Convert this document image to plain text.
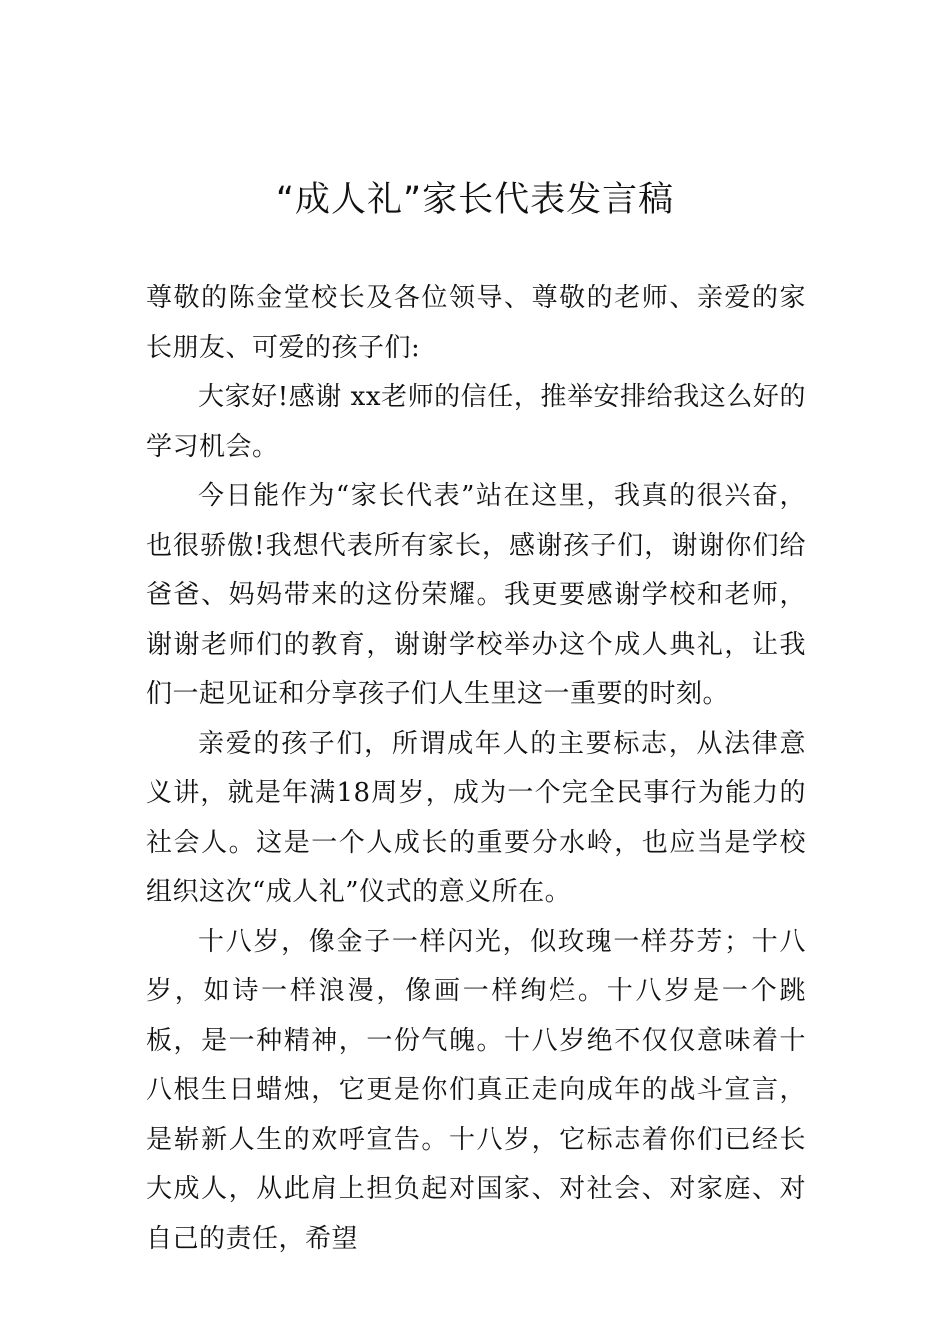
“成人礼”家长代表发言稿

尊敬的陈金堂校长及各位领导、尊敬的老师、亲爱的家长朋友、可爱的孩子们:

大家好!感谢 xx老师的信任，推举安排给我这么好的学习机会。

今日能作为“家长代表”站在这里，我真的很兴奋，也很骄傲!我想代表所有家长，感谢孩子们，谢谢你们给爸爸、妈妈带来的这份荣耀。我更要感谢学校和老师，谢谢老师们的教育，谢谢学校举办这个成人典礼，让我们一起见证和分享孩子们人生里这一重要的时刻。

亲爱的孩子们，所谓成年人的主要标志，从法律意义讲，就是年满18周岁，成为一个完全民事行为能力的社会人。这是一个人成长的重要分水岭，也应当是学校组织这次“成人礼”仪式的意义所在。

十八岁，像金子一样闪光，似玫瑰一样芬芳；十八岁，如诗一样浪漫，像画一样绚烂。十八岁是一个跳板，是一种精神，一份气魄。十八岁绝不仅仅意味着十八根生日蜡烛，它更是你们真正走向成年的战斗宣言，是崭新人生的欢呼宣告。十八岁，它标志着你们已经长大成人，从此肩上担负起对国家、对社会、对家庭、对自己的责任，希望
